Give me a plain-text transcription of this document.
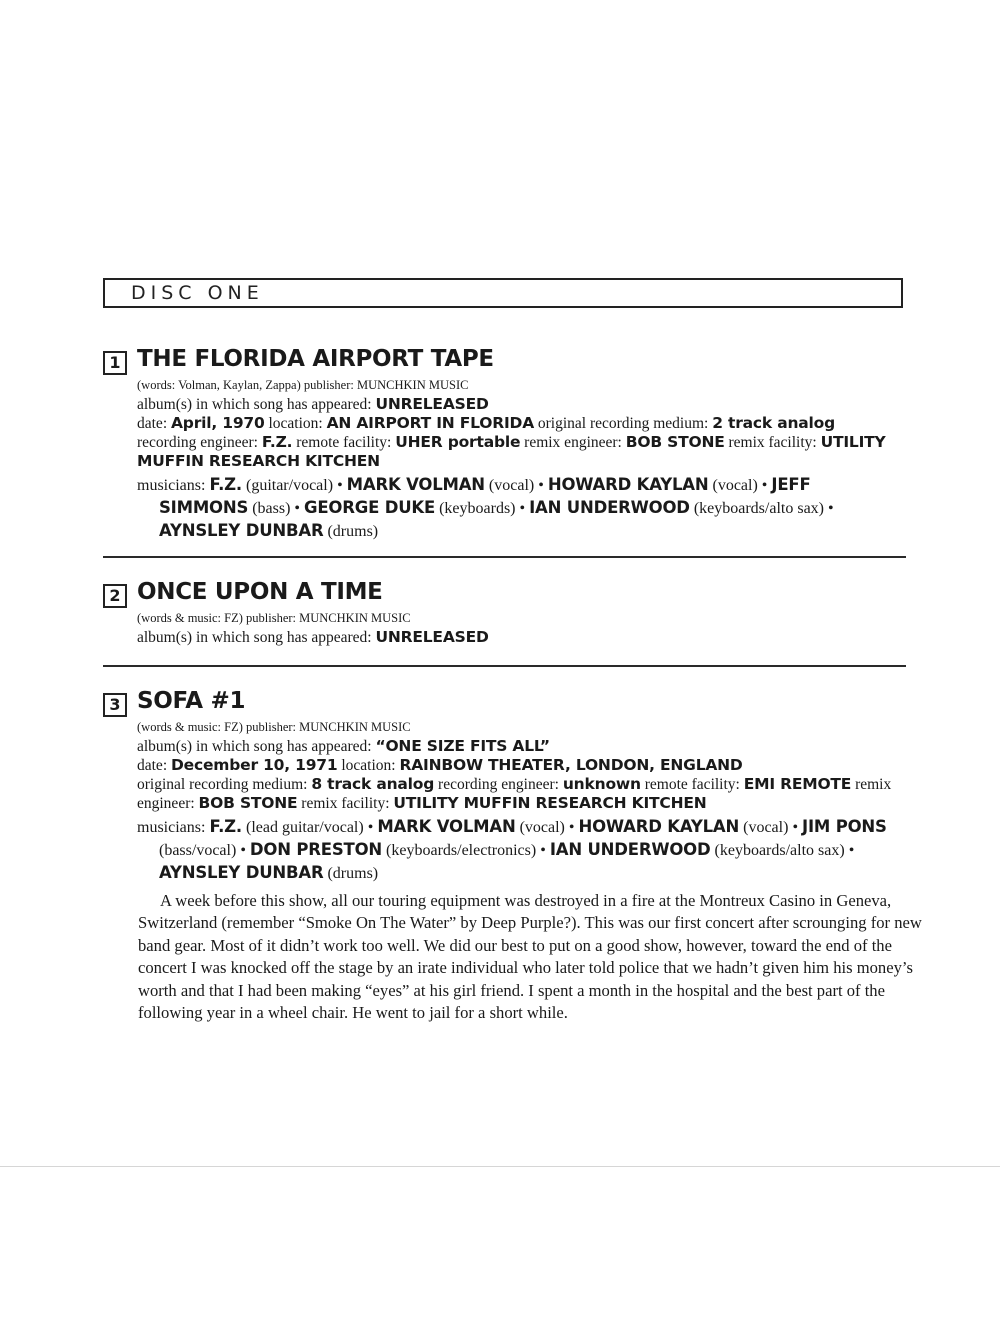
DISC ONE
1 THE FLORIDA AIRPORT TAPE
(words: Volman, Kaylan, Zappa) publisher: MUNCHKIN MUSIC
album(s) in which song has appeared: UNRELEASED
date: April, 1970 location: AN AIRPORT IN FLORIDA original recording medium: 2 track analog recording engineer: F.Z. remote facility: UHER portable remix engineer: BOB STONE remix facility: UTILITY MUFFIN RESEARCH KITCHEN
musicians: F.Z. (guitar/vocal) • MARK VOLMAN (vocal) • HOWARD KAYLAN (vocal) • JEFF SIMMONS (bass) • GEORGE DUKE (keyboards) • IAN UNDERWOOD (keyboards/alto sax) • AYNSLEY DUNBAR (drums)
2 ONCE UPON A TIME
(words & music: FZ) publisher: MUNCHKIN MUSIC
album(s) in which song has appeared: UNRELEASED
3 SOFA #1
(words & music: FZ) publisher: MUNCHKIN MUSIC
album(s) in which song has appeared: “ONE SIZE FITS ALL”
date: December 10, 1971 location: RAINBOW THEATER, LONDON, ENGLAND
original recording medium: 8 track analog recording engineer: unknown remote facility: EMI REMOTE remix engineer: BOB STONE remix facility: UTILITY MUFFIN RESEARCH KITCHEN
musicians: F.Z. (lead guitar/vocal) • MARK VOLMAN (vocal) • HOWARD KAYLAN (vocal) • JIM PONS (bass/vocal) • DON PRESTON (keyboards/electronics) • IAN UNDERWOOD (keyboards/alto sax) • AYNSLEY DUNBAR (drums)

A week before this show, all our touring equipment was destroyed in a fire at the Montreux Casino in Geneva, Switzerland (remember “Smoke On The Water” by Deep Purple?). This was our first concert after scrounging for new band gear. Most of it didn’t work too well. We did our best to put on a good show, however, toward the end of the concert I was knocked off the stage by an irate individual who later told police that we hadn’t given him his money’s worth and that I had been making “eyes” at his girl friend. I spent a month in the hospital and the best part of the following year in a wheel chair. He went to jail for a short while.
